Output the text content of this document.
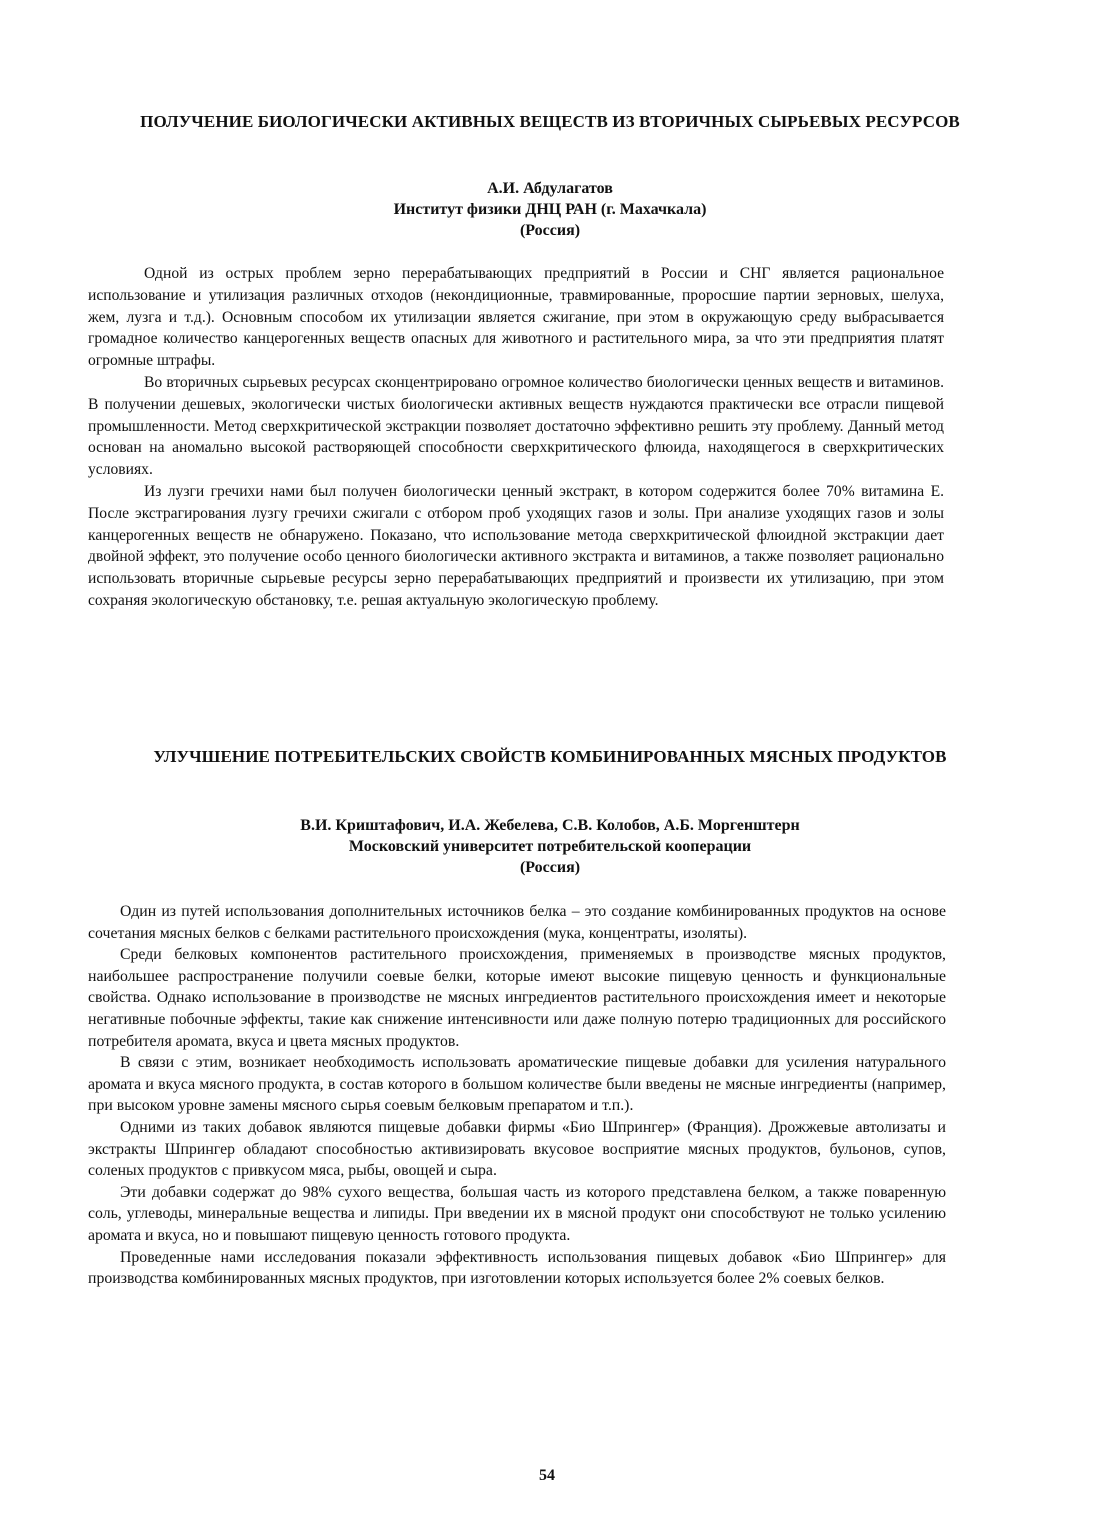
ПОЛУЧЕНИЕ БИОЛОГИЧЕСКИ АКТИВНЫХ ВЕЩЕСТВ ИЗ ВТОРИЧНЫХ СЫРЬЕВЫХ РЕСУРСОВ
А.И. Абдулагатов
Институт физики ДНЦ РАН (г. Махачкала)
(Россия)

Одной из острых проблем зерно перерабатывающих предприятий в России и СНГ является рациональное использование и утилизация различных отходов (некондиционные, травмированные, проросшие партии зерновых, шелуха, жем, лузга и т.д.). Основным способом их утилизации является сжигание, при этом в окружающую среду выбрасывается громадное количество канцерогенных веществ опасных для животного и растительного мира, за что эти предприятия платят огромные штрафы.

Во вторичных сырьевых ресурсах сконцентрировано огромное количество биологически ценных веществ и витаминов. В получении дешевых, экологически чистых биологически активных веществ нуждаются практически все отрасли пищевой промышленности. Метод сверхкритической экстракции позволяет достаточно эффективно решить эту проблему. Данный метод основан на аномально высокой растворяющей способности сверхкритического флюида, находящегося в сверхкритических условиях.

Из лузги гречихи нами был получен биологически ценный экстракт, в котором содержится более 70% витамина Е. После экстрагирования лузгу гречихи сжигали с отбором проб уходящих газов и золы. При анализе уходящих газов и золы канцерогенных веществ не обнаружено. Показано, что использование метода сверхкритической флюидной экстракции дает двойной эффект, это получение особо ценного биологически активного экстракта и витаминов, а также позволяет рационально использовать вторичные сырьевые ресурсы зерно перерабатывающих предприятий и произвести их утилизацию, при этом сохраняя экологическую обстановку, т.е. решая актуальную экологическую проблему.

УЛУЧШЕНИЕ ПОТРЕБИТЕЛЬСКИХ СВОЙСТВ КОМБИНИРОВАННЫХ МЯСНЫХ ПРОДУКТОВ
В.И. Криштафович, И.А. Жебелева, С.В. Колобов, А.Б. Моргенштерн
Московский университет потребительской кооперации
(Россия)

Один из путей использования дополнительных источников белка – это создание комбинированных продуктов на основе сочетания мясных белков с белками растительного происхождения (мука, концентраты, изоляты).

Среди белковых компонентов растительного происхождения, применяемых в производстве мясных продуктов, наибольшее распространение получили соевые белки, которые имеют высокие пищевую ценность и функциональные свойства. Однако использование в производстве не мясных ингредиентов растительного происхождения имеет и некоторые негативные побочные эффекты, такие как снижение интенсивности или даже полную потерю традиционных для российского потребителя аромата, вкуса и цвета мясных продуктов.

В связи с этим, возникает необходимость использовать ароматические пищевые добавки для усиления натурального аромата и вкуса мясного продукта, в состав которого в большом количестве были введены не мясные ингредиенты (например, при высоком уровне замены мясного сырья соевым белковым препаратом и т.п.).

Одними из таких добавок являются пищевые добавки фирмы «Био Шпрингер» (Франция). Дрожжевые автолизаты и экстракты Шпрингер обладают способностью активизировать вкусовое восприятие мясных продуктов, бульонов, супов, соленых продуктов с привкусом мяса, рыбы, овощей и сыра.

Эти добавки содержат до 98% сухого вещества, большая часть из которого представлена белком, а также поваренную соль, углеводы, минеральные вещества и липиды. При введении их в мясной продукт они способствуют не только усилению аромата и вкуса, но и повышают пищевую ценность готового продукта.

Проведенные нами исследования показали эффективность использования пищевых добавок «Био Шпрингер» для производства комбинированных мясных продуктов, при изготовлении которых используется более 2% соевых белков.

54
